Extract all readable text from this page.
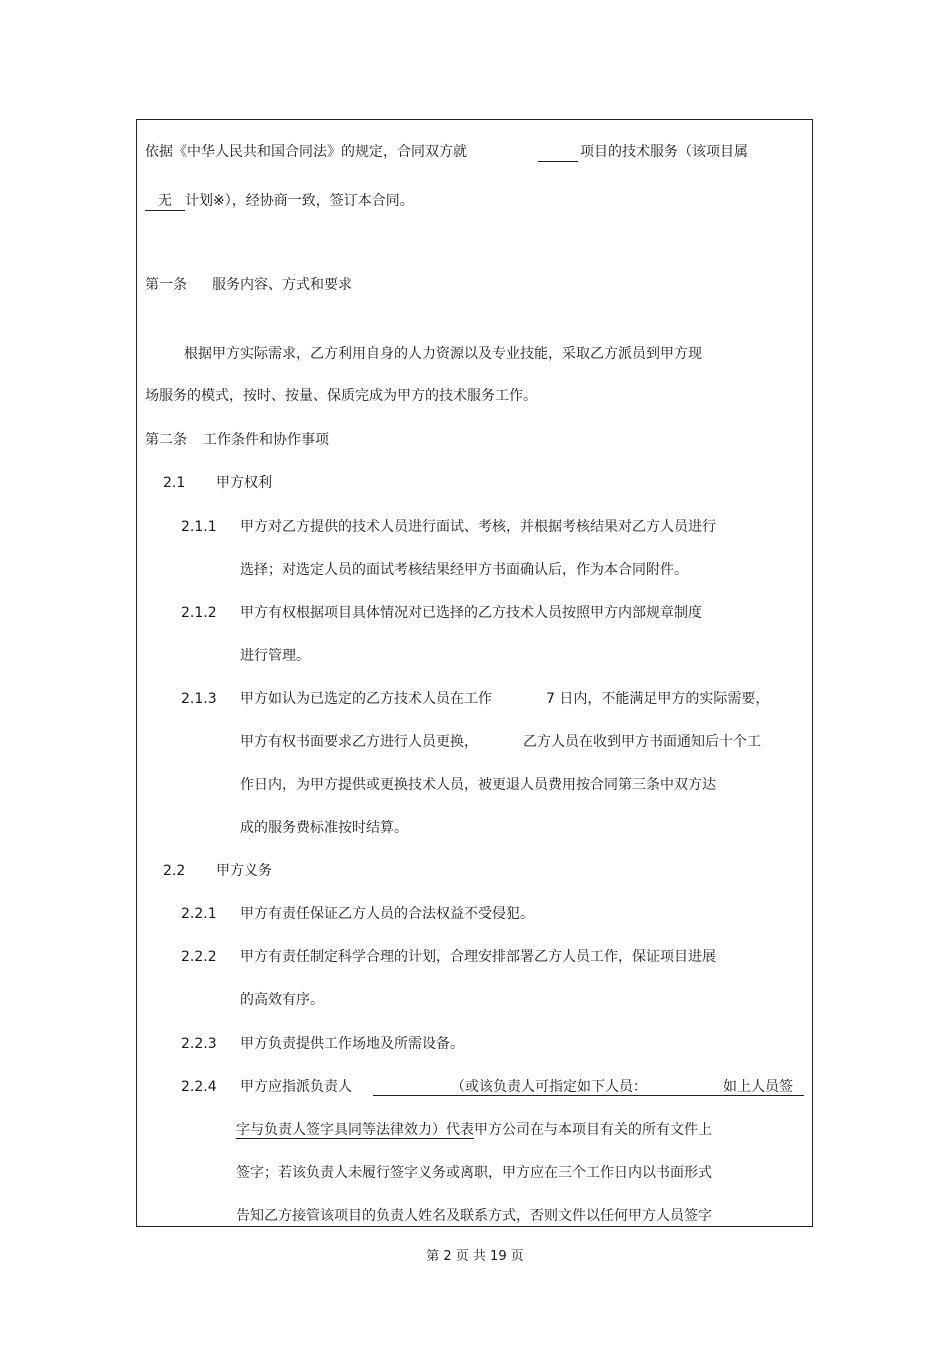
依据《中华人民共和国合同法》的规定，合同双方就	项目的技术服务（该项目属
无 计划※），经协商一致，签订本合同。
第一条 服务内容、方式和要求
根据甲方实际需求，乙方利用自身的人力资源以及专业技能，采取乙方派员到甲方现
场服务的模式，按时、按量、保质完成为甲方的技术服务工作。
第二条 工作条件和协作事项
2.1 甲方权利
2.1.1 甲方对乙方提供的技术人员进行面试、考核，并根据考核结果对乙方人员进行
选择；对选定人员的面试考核结果经甲方书面确认后，作为本合同附件。
2.1.2 甲方有权根据项目具体情况对已选择的乙方技术人员按照甲方内部规章制度
进行管理。
2.1.3 甲方如认为已选定的乙方技术人员在工作	7 日内，不能满足甲方的实际需要，
甲方有权书面要求乙方进行人员更换，	乙方人员在收到甲方书面通知后十个工
作日内，为甲方提供或更换技术人员，被更退人员费用按合同第三条中双方达
成的服务费标准按时结算。
2.2 甲方义务
2.2.1 甲方有责任保证乙方人员的合法权益不受侵犯。
2.2.2 甲方有责任制定科学合理的计划，合理安排部署乙方人员工作，保证项目进展
的高效有序。
2.2.3 甲方负责提供工作场地及所需设备。
2.2.4 甲方应指派负责人	（或该负责人可指定如下人员：	如上人员签
字与负责人签字具同等法律效力）代表甲方公司在与本项目有关的所有文件上
签字；若该负责人未履行签字义务或离职，甲方应在三个工作日内以书面形式
告知乙方接管该项目的负责人姓名及联系方式，否则文件以任何甲方人员签字
第 2 页 共 19 页
